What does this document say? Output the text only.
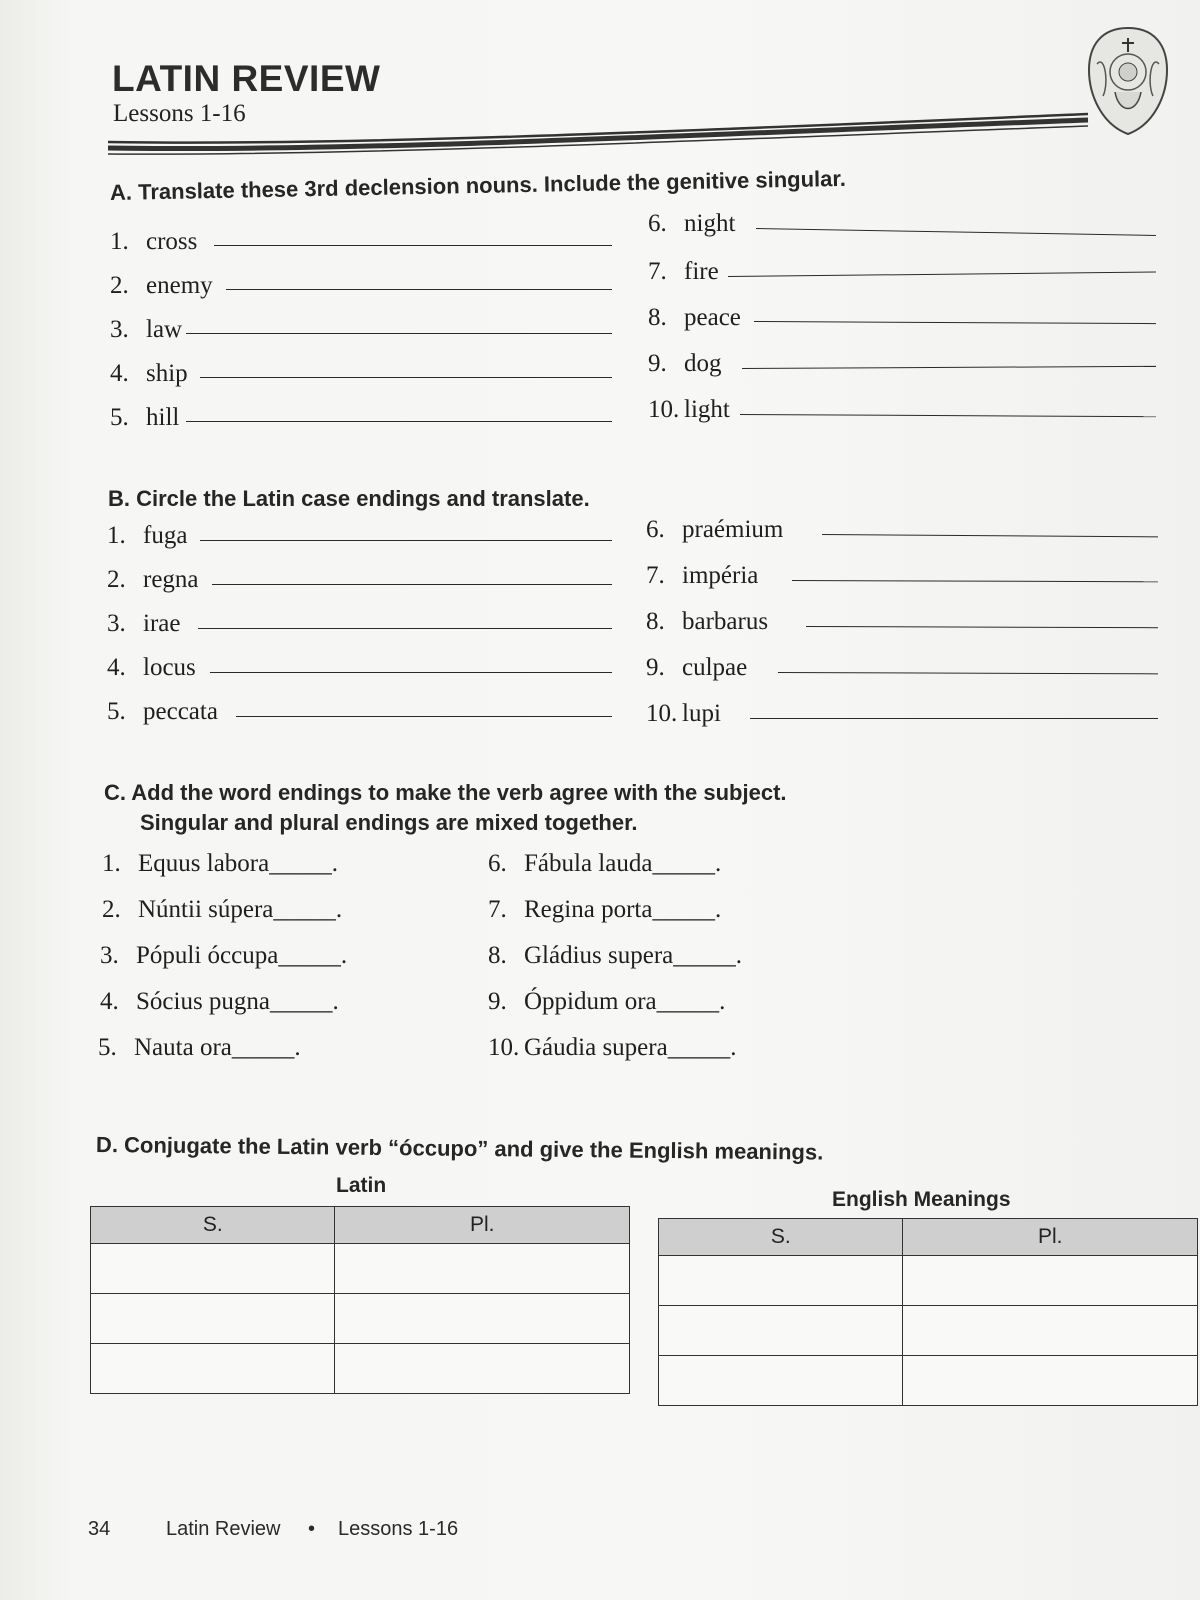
LATIN REVIEW
Lessons 1-16
A. Translate these 3rd declension nouns. Include the genitive singular.
1. cross
2. enemy
3. law
4. ship
5. hill
6. night
7. fire
8. peace
9. dog
10. light
B. Circle the Latin case endings and translate.
1. fuga
2. regna
3. irae
4. locus
5. peccata
6. praémium
7. impéria
8. barbarus
9. culpae
10. lupi
C. Add the word endings to make the verb agree with the subject.
Singular and plural endings are mixed together.
1. Equus labora_____.
2. Núntii súpera_____.
3. Pópuli óccupa_____.
4. Sócius pugna_____.
5. Nauta ora_____.
6. Fábula lauda_____.
7. Regina porta_____.
8. Gládius supera_____.
9. Óppidum ora_____.
10. Gáudia supera_____.
D. Conjugate the Latin verb “óccupo” and give the English meanings.
Latin
S.	Pl.

English Meanings
S.	Pl.

34	Latin Review • Lessons 1-16
